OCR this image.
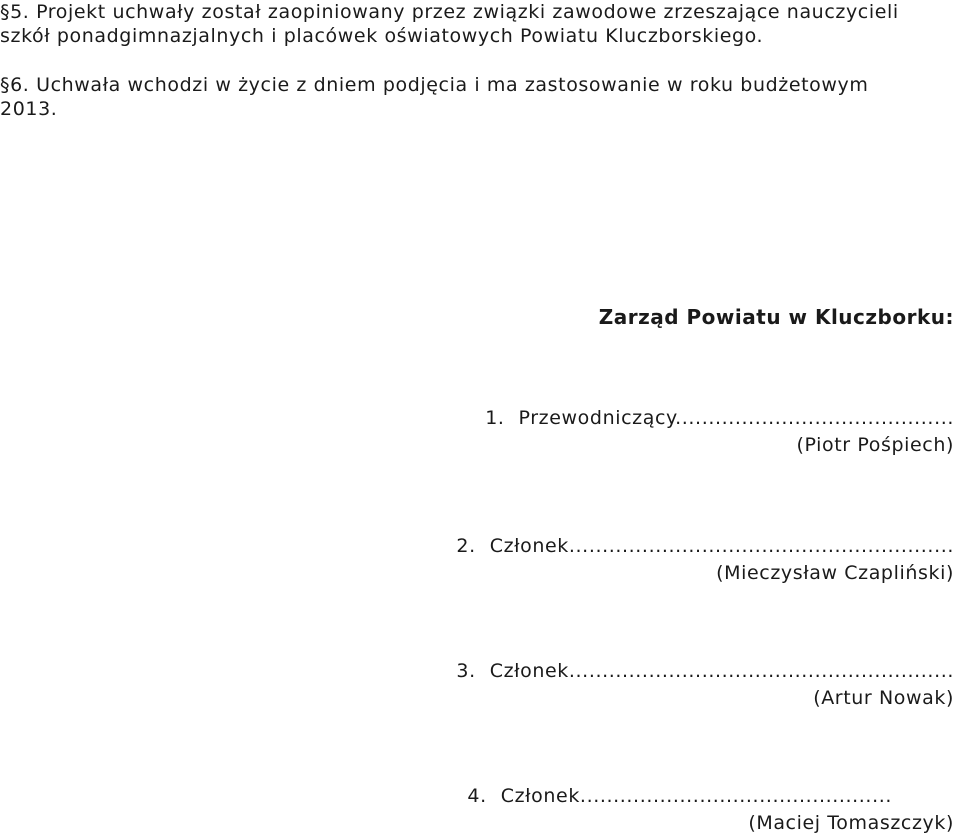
§5. Projekt uchwały został zaopiniowany przez związki zawodowe zrzeszające nauczycieli
szkół ponadgimnazjalnych i placówek oświatowych Powiatu Kluczborskiego.
§6. Uchwała wchodzi w życie z dniem podjęcia i ma zastosowanie w roku budżetowym
2013.
Zarząd Powiatu w Kluczborku:
1. Przewodniczący..........................................
(Piotr Pośpiech)
2. Członek..........................................................
(Mieczysław Czapliński)
3. Członek..........................................................
(Artur Nowak)
4. Członek...............................................
(Maciej Tomaszczyk)
